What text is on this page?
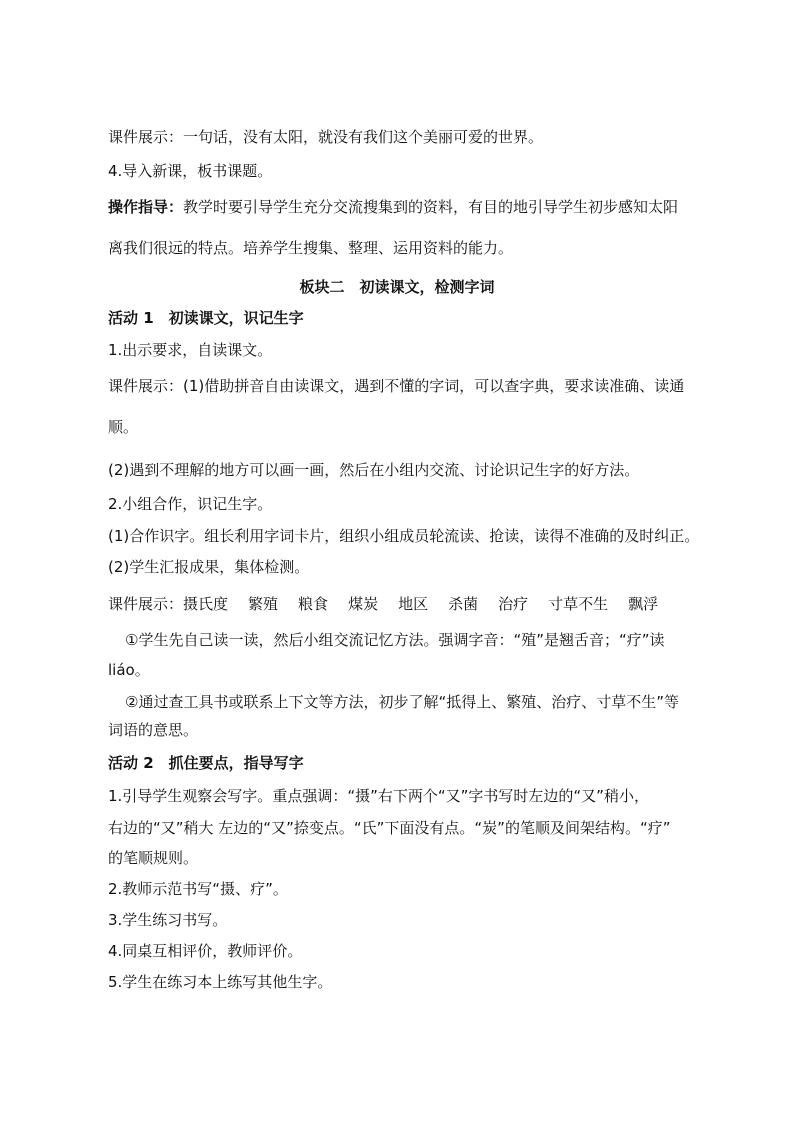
课件展示：一句话，没有太阳，就没有我们这个美丽可爱的世界。

4.导入新课，板书课题。

操作指导：教学时要引导学生充分交流搜集到的资料，有目的地引导学生初步感知太阳

离我们很远的特点。培养学生搜集、整理、运用资料的能力。

板块二　初读课文，检测字词

活动 1　初读课文，识记生字

1.出示要求，自读课文。

课件展示：(1)借助拼音自由读课文，遇到不懂的字词，可以查字典，要求读准确、读通

顺。

(2)遇到不理解的地方可以画一画，然后在小组内交流、讨论识记生字的好方法。

2.小组合作，识记生字。

(1)合作识字。组长利用字词卡片，组织小组成员轮流读、抢读，读得不准确的及时纠正。

(2)学生汇报成果，集体检测。

课件展示：摄氏度 繁殖 粮食 煤炭 地区 杀菌 治疗 寸草不生 飘浮

①学生先自己读一读，然后小组交流记忆方法。强调字音：“殖”是翘舌音；“疗”读

liáo。

②通过查工具书或联系上下文等方法，初步了解“抵得上、繁殖、治疗、寸草不生”等

词语的意思。

活动 2　抓住要点，指导写字

1.引导学生观察会写字。重点强调：“摄”右下两个“又”字书写时左边的“又”稍小，

右边的“又”稍大 左边的“又”捺变点。“氏”下面没有点。“炭”的笔顺及间架结构。“疗”

的笔顺规则。

2.教师示范书写“摄、疗”。

3.学生练习书写。

4.同桌互相评价，教师评价。

5.学生在练习本上练写其他生字。
